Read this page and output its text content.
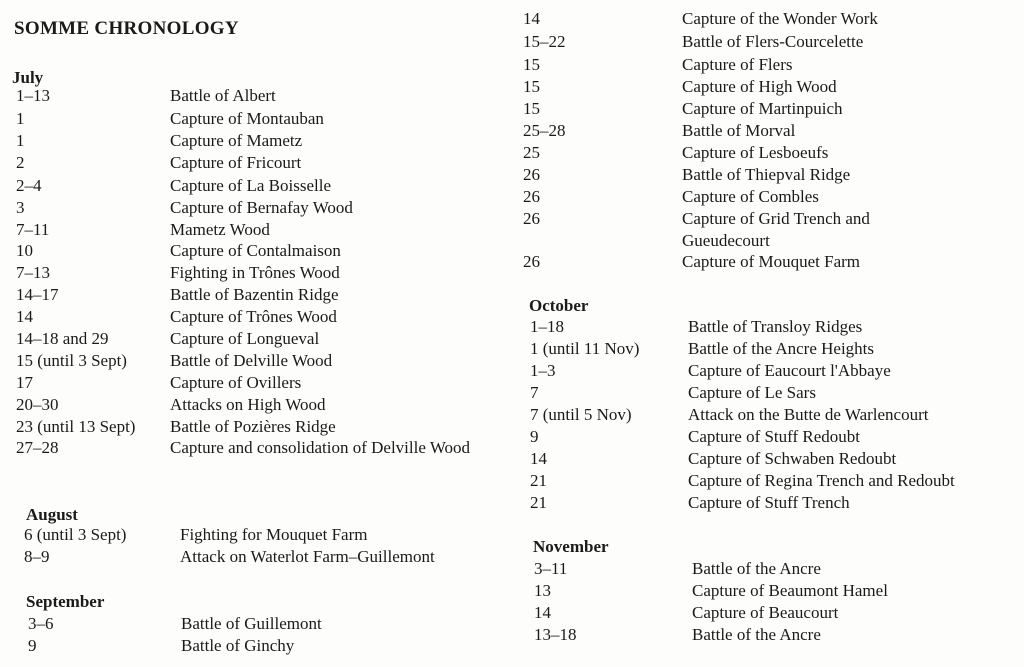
SOMME CHRONOLOGY
July
1–13	Battle of Albert
1	Capture of Montauban
1	Capture of Mametz
2	Capture of Fricourt
2–4	Capture of La Boisselle
3	Capture of Bernafay Wood
7–11	Mametz Wood
10	Capture of Contalmaison
7–13	Fighting in Trônes Wood
14–17	Battle of Bazentin Ridge
14	Capture of Trônes Wood
14–18 and 29	Capture of Longueval
15 (until 3 Sept)	Battle of Delville Wood
17	Capture of Ovillers
20–30	Attacks on High Wood
23 (until 13 Sept) Battle of Pozières Ridge
27–28	Capture and consolidation of Delville Wood
August
6 (until 3 Sept)	Fighting for Mouquet Farm
8–9	Attack on Waterlot Farm–Guillemont
September
3–6	Battle of Guillemont
9	Battle of Ginchy
14	Capture of the Wonder Work
15–22	Battle of Flers-Courcelette
15	Capture of Flers
15	Capture of High Wood
15	Capture of Martinpuich
25–28	Battle of Morval
25	Capture of Lesboeufs
26	Battle of Thiepval Ridge
26	Capture of Combles
26	Capture of Grid Trench and Gueudecourt
26	Capture of Mouquet Farm
October
1–18	Battle of Transloy Ridges
1 (until 11 Nov)	Battle of the Ancre Heights
1–3	Capture of Eaucourt l'Abbaye
7	Capture of Le Sars
7 (until 5 Nov)	Attack on the Butte de Warlencourt
9	Capture of Stuff Redoubt
14	Capture of Schwaben Redoubt
21	Capture of Regina Trench and Redoubt
21	Capture of Stuff Trench
November
3–11	Battle of the Ancre
13	Capture of Beaumont Hamel
14	Capture of Beaucourt
13–18	Battle of the Ancre
